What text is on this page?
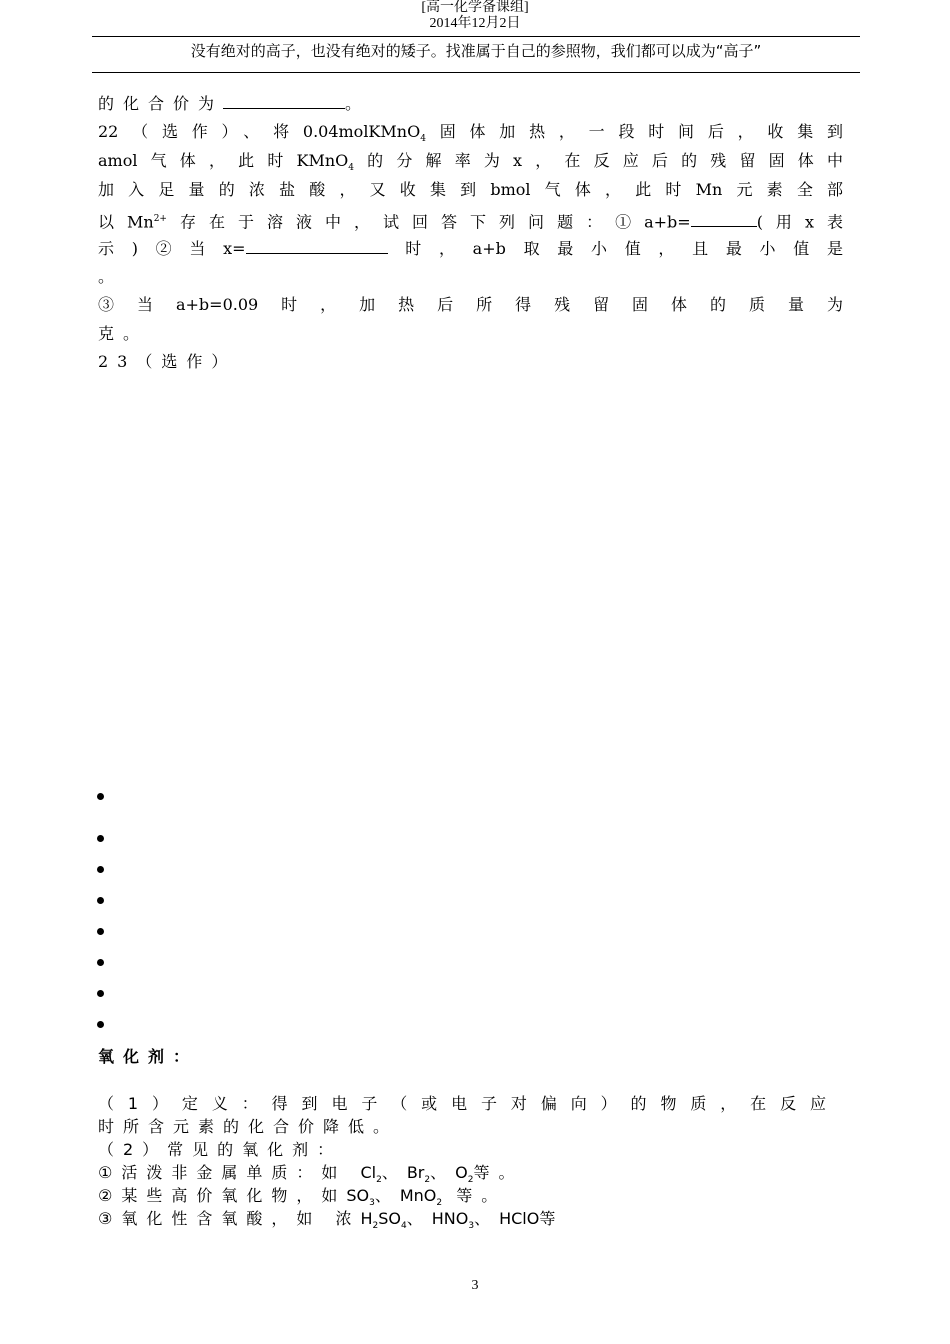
[高一化学备课组]
2014年12月2日
没有绝对的高子，也没有绝对的矮子。找准属于自己的参照物，我们都可以成为“高子”
的化合价为	。
22（选作）、将0.04molKMnO$_4$固体加热，一段时间后，收集到
amol气体，此时KMnO$_4$的分解率为x，在反应后的残留固体中
加入足量的浓盐酸，又收集到bmol气体，此时Mn元素全部
以$Mn^{2+}$存在于溶液中，试回答下列问题：①a+b=	(用x表
示)②当x=	时，a+b取最小值，且最小值是
。
③当a+b=0.09时，加热后所得残留固体的质量为
克。
23（选作）
氧化剂：
（1）定义：得到电子（或电子对偏向）的物质，在反应
时所含元素的化合价降低。
（2）常见的氧化剂：
①活泼非金属单质：如 $Cl_2$、$Br_2$、$O_2$等。
②某些高价氧化物，如$SO_3$、MnO$_2$ 等。
③氧化性含氧酸，如 浓$H_2SO_4$、$HNO_3$、HClO等
3
